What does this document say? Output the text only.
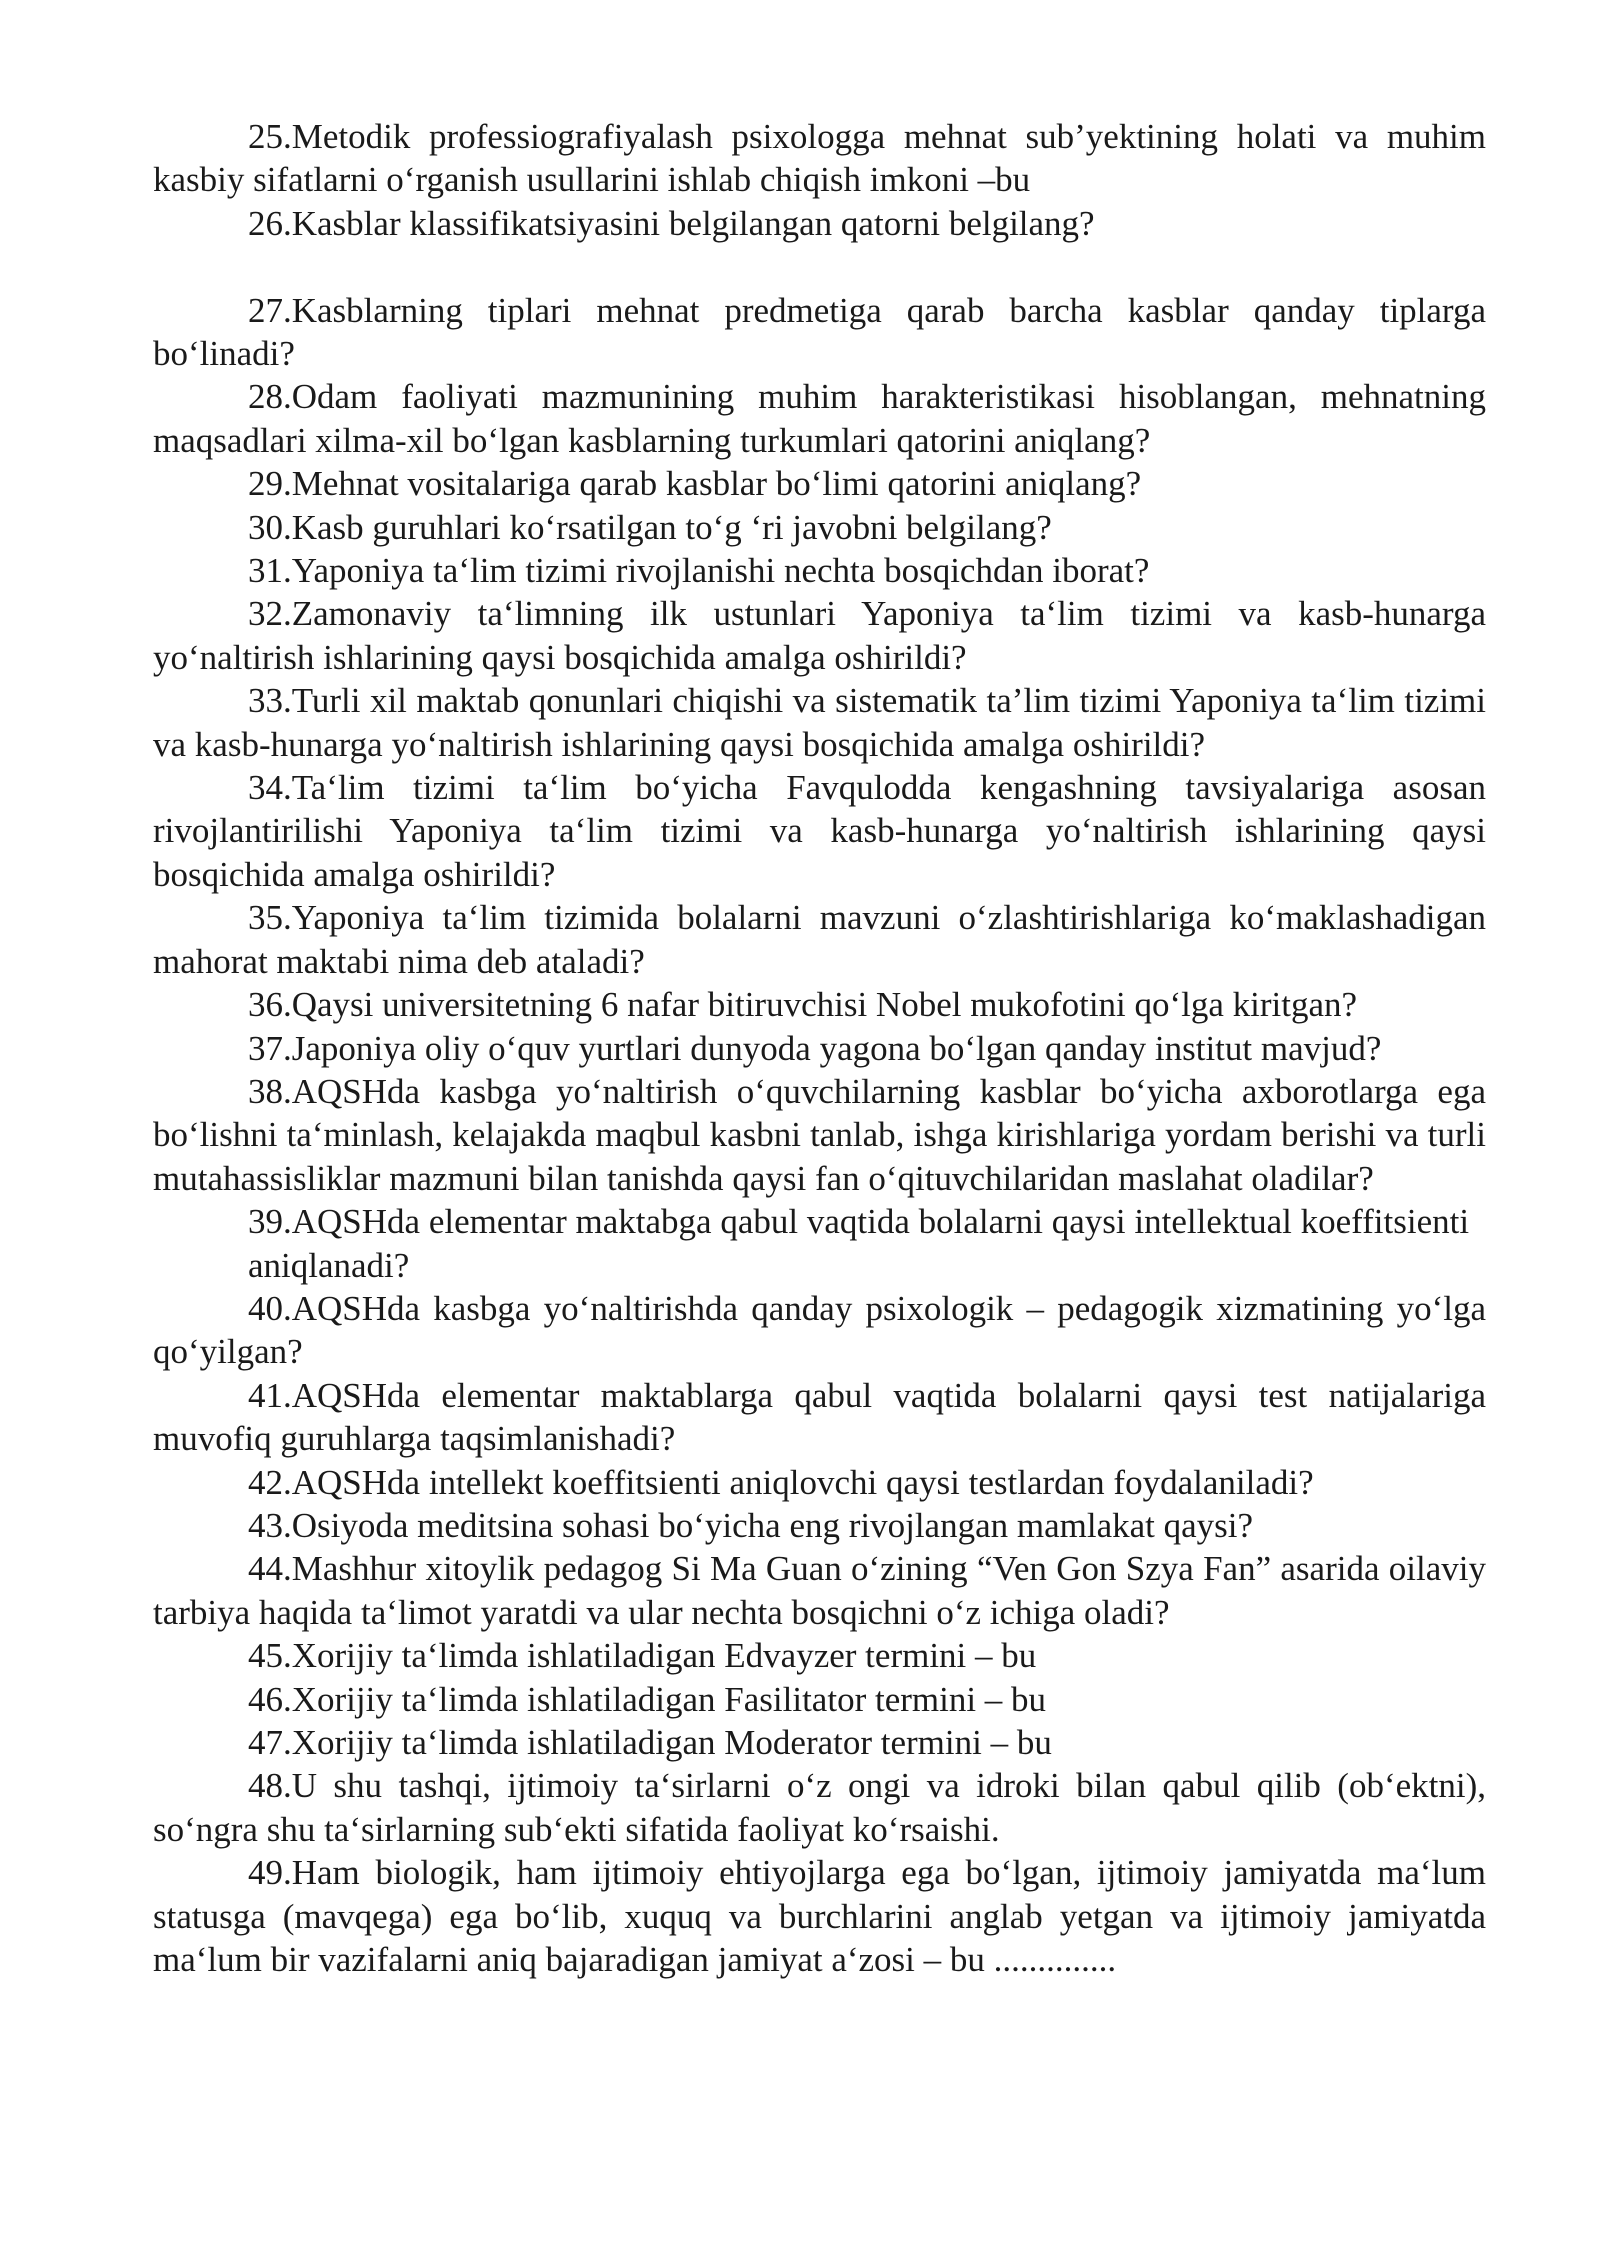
25.Metodik professiografiyalash psixologga mehnat sub’yektining holati va muhim kasbiy sifatlarni o‘rganish usullarini ishlab chiqish imkoni –bu

26.Kasblar klassifikatsiyasini belgilangan qatorni belgilang?

27.Kasblarning tiplari mehnat predmetiga qarab barcha kasblar qanday tiplarga bo‘linadi?

28.Odam faoliyati mazmunining muhim harakteristikasi hisoblangan, mehnatning maqsadlari xilma-xil bo‘lgan kasblarning turkumlari qatorini aniqlang?

29.Mehnat vositalariga qarab kasblar bo‘limi qatorini aniqlang?

30.Kasb guruhlari ko‘rsatilgan to‘g ‘ri javobni belgilang?

31.Yaponiya ta‘lim tizimi rivojlanishi nechta bosqichdan iborat?

32.Zamonaviy ta‘limning ilk ustunlari Yaponiya ta‘lim tizimi va kasb-hunarga yo‘naltirish ishlarining qaysi bosqichida amalga oshirildi?

33.Turli xil maktab qonunlari chiqishi va sistematik ta’lim tizimi Yaponiya ta‘lim tizimi va kasb-hunarga yo‘naltirish ishlarining qaysi bosqichida amalga oshirildi?

34.Ta‘lim tizimi ta‘lim bo‘yicha Favqulodda kengashning tavsiyalariga asosan rivojlantirilishi Yaponiya ta‘lim tizimi va kasb-hunarga yo‘naltirish ishlarining qaysi bosqichida amalga oshirildi?

35.Yaponiya ta‘lim tizimida bolalarni mavzuni o‘zlashtirishlariga ko‘maklashadigan mahorat maktabi nima deb ataladi?

36.Qaysi universitetning 6 nafar bitiruvchisi Nobel mukofotini qo‘lga kiritgan?

37.Japoniya oliy o‘quv yurtlari dunyoda yagona bo‘lgan qanday institut mavjud?

38.AQSHda kasbga yo‘naltirish o‘quvchilarning kasblar bo‘yicha axborotlarga ega bo‘lishni ta‘minlash, kelajakda maqbul kasbni tanlab, ishga kirishlariga yordam berishi va turli mutahassisliklar mazmuni bilan tanishda qaysi fan o‘qituvchilaridan maslahat oladilar?

39.AQSHda elementar maktabga qabul vaqtida bolalarni qaysi intellektual koeffitsienti

aniqlanadi?

40.AQSHda kasbga yo‘naltirishda qanday psixologik – pedagogik xizmatining yo‘lga qo‘yilgan?

41.AQSHda elementar maktablarga qabul vaqtida bolalarni qaysi test natijalariga muvofiq guruhlarga taqsimlanishadi?

42.AQSHda intellekt koeffitsienti aniqlovchi qaysi testlardan foydalaniladi?

43.Osiyoda meditsina sohasi bo‘yicha eng rivojlangan mamlakat qaysi?

44.Mashhur xitoylik pedagog Si Ma Guan o‘zining “Ven Gon Szya Fan” asarida oilaviy tarbiya haqida ta‘limot yaratdi va ular nechta bosqichni o‘z ichiga oladi?

45.Xorijiy ta‘limda ishlatiladigan Edvayzer termini – bu

46.Xorijiy ta‘limda ishlatiladigan Fasilitator termini – bu

47.Xorijiy ta‘limda ishlatiladigan Moderator termini – bu

48.U shu tashqi, ijtimoiy ta‘sirlarni o‘z ongi va idroki bilan qabul qilib (ob‘ektni), so‘ngra shu ta‘sirlarning sub‘ekti sifatida faoliyat ko‘rsaishi.

49.Ham biologik, ham ijtimoiy ehtiyojlarga ega bo‘lgan, ijtimoiy jamiyatda ma‘lum statusga (mavqega) ega bo‘lib, xuquq va burchlarini anglab yetgan va ijtimoiy jamiyatda ma‘lum bir vazifalarni aniq bajaradigan jamiyat a‘zosi – bu ..............
